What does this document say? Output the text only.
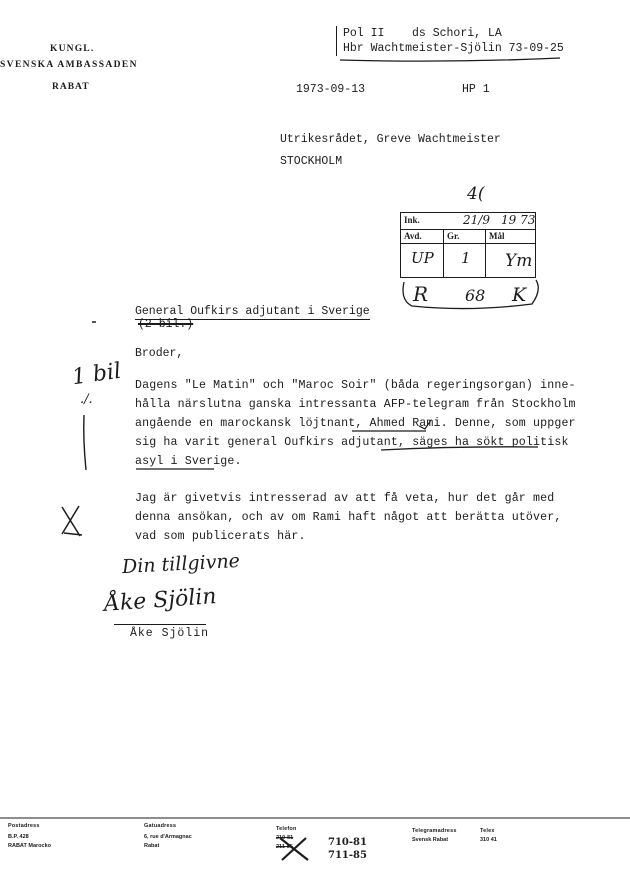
KUNGL.
SVENSKA AMBASSADEN
RABAT
Pol II    ds Schori, LA
Hbr Wachtmeister-Sjölin 73-09-25
1973-09-13	HP 1
Utrikesrådet, Greve Wachtmeister
STOCKHOLM
4(
Ink.	21/9 19 73
Avd.	Gr.	Mål
UP 1 Ym
R 68 K
General Oufkirs adjutant i Sverige
(2 bil.)
Broder,
Dagens "Le Matin" och "Maroc Soir" (båda regeringsorgan) inne-
hålla närslutna ganska intressanta AFP-telegram från Stockholm
angående en marockansk löjtnant, Ahmed Rami. Denne, som uppger
sig ha varit general Oufkirs adjutant, säges ha sökt politisk
asyl i Sverige.
Jag är givetvis intresserad av att få veta, hur det går med
denna ansökan, och av om Rami haft något att berätta utöver,
vad som publicerats här.
1 bil
./.
Din tillgivne
Åke Sjölin
Åke Sjölin
Postadress
B.P. 428
RABAT Marocko
Gatuadress
6, rue d'Armagnac
Rabat
Telefon
210-81
211-85	710-81
711-85
Telegramadress
Svensk Rabat
Telex
310 41
